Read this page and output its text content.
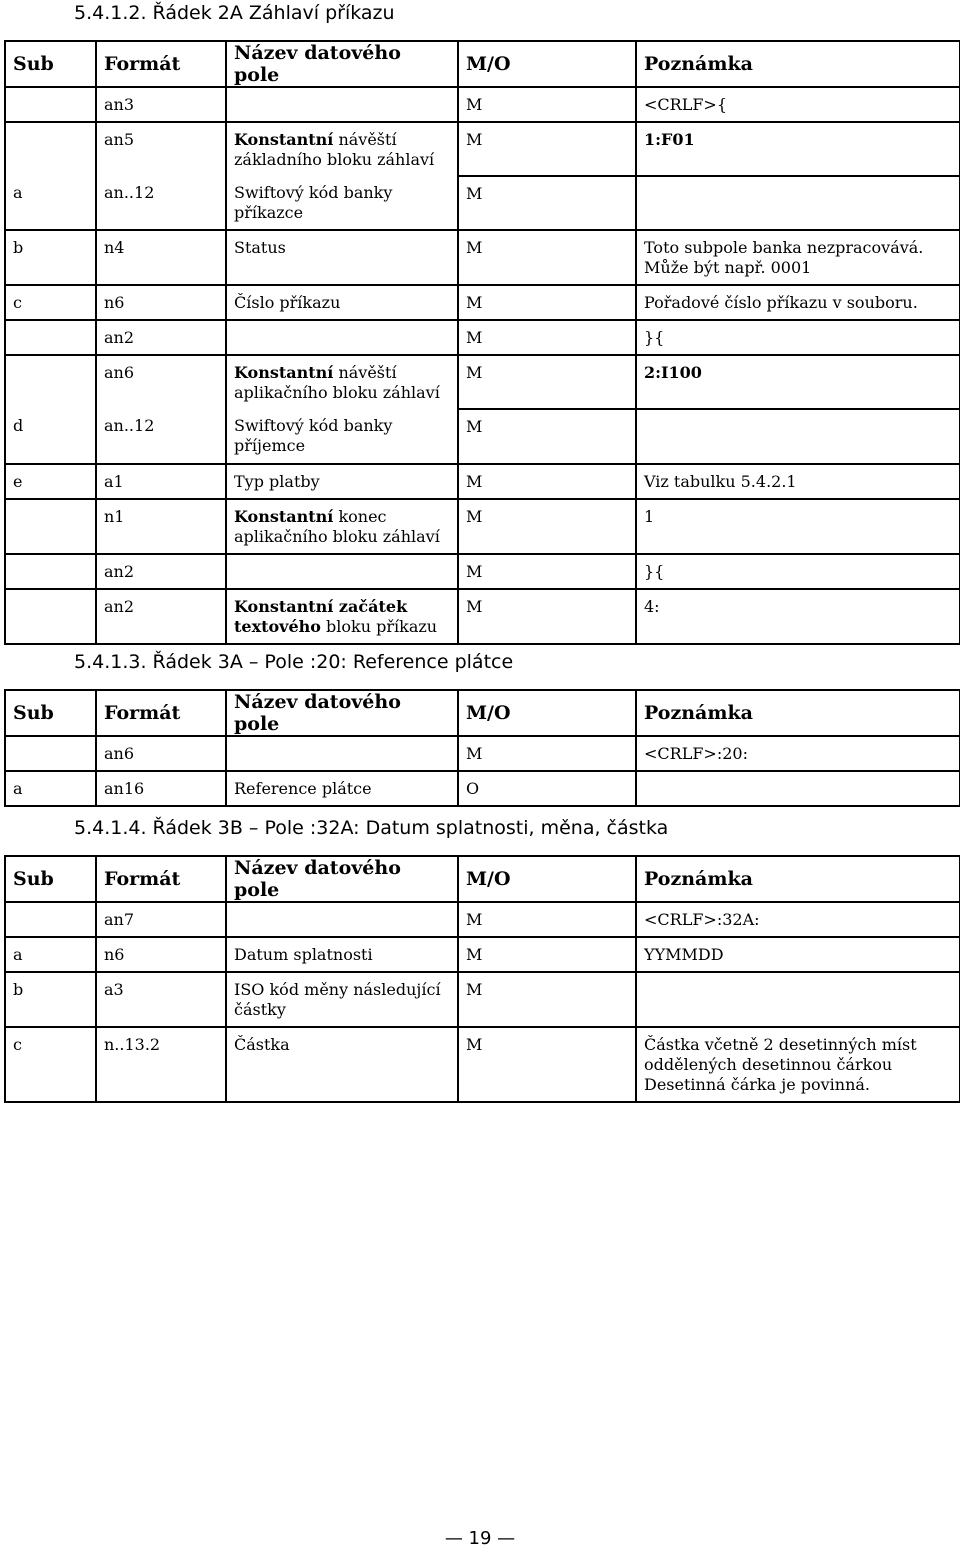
5.4.1.2. Řádek 2A Záhlaví příkazu
Sub	Formát	Název datového pole	M/O	Poznámka
	an3		M	<CRLF>{
	an5	Konstantní návěští základního bloku záhlaví	M	1:F01
a	an..12	Swiftový kód banky příkazce	M	
b	n4	Status	M	Toto subpole banka nezpracovává. Může být např. 0001
c	n6	Číslo příkazu	M	Pořadové číslo příkazu v souboru.
	an2		M	}{
	an6	Konstantní návěští aplikačního bloku záhlaví	M	2:I100
d	an..12	Swiftový kód banky příjemce	M	
e	a1	Typ platby	M	Viz tabulku 5.4.2.1
	n1	Konstantní konec aplikačního bloku záhlaví	M	1
	an2		M	}{
	an2	Konstantní začátek textového bloku příkazu	M	4:
5.4.1.3. Řádek 3A – Pole :20: Reference plátce
Sub	Formát	Název datového pole	M/O	Poznámka
	an6		M	<CRLF>:20:
a	an16	Reference plátce	O	
5.4.1.4. Řádek 3B – Pole :32A: Datum splatnosti, měna, částka
Sub	Formát	Název datového pole	M/O	Poznámka
	an7		M	<CRLF>:32A:
a	n6	Datum splatnosti	M	YYMMDD
b	a3	ISO kód měny následující částky	M	
c	n..13.2	Částka	M	Částka včetně 2 desetinných míst oddělených desetinnou čárkou Desetinná čárka je povinná.
— 19 —
